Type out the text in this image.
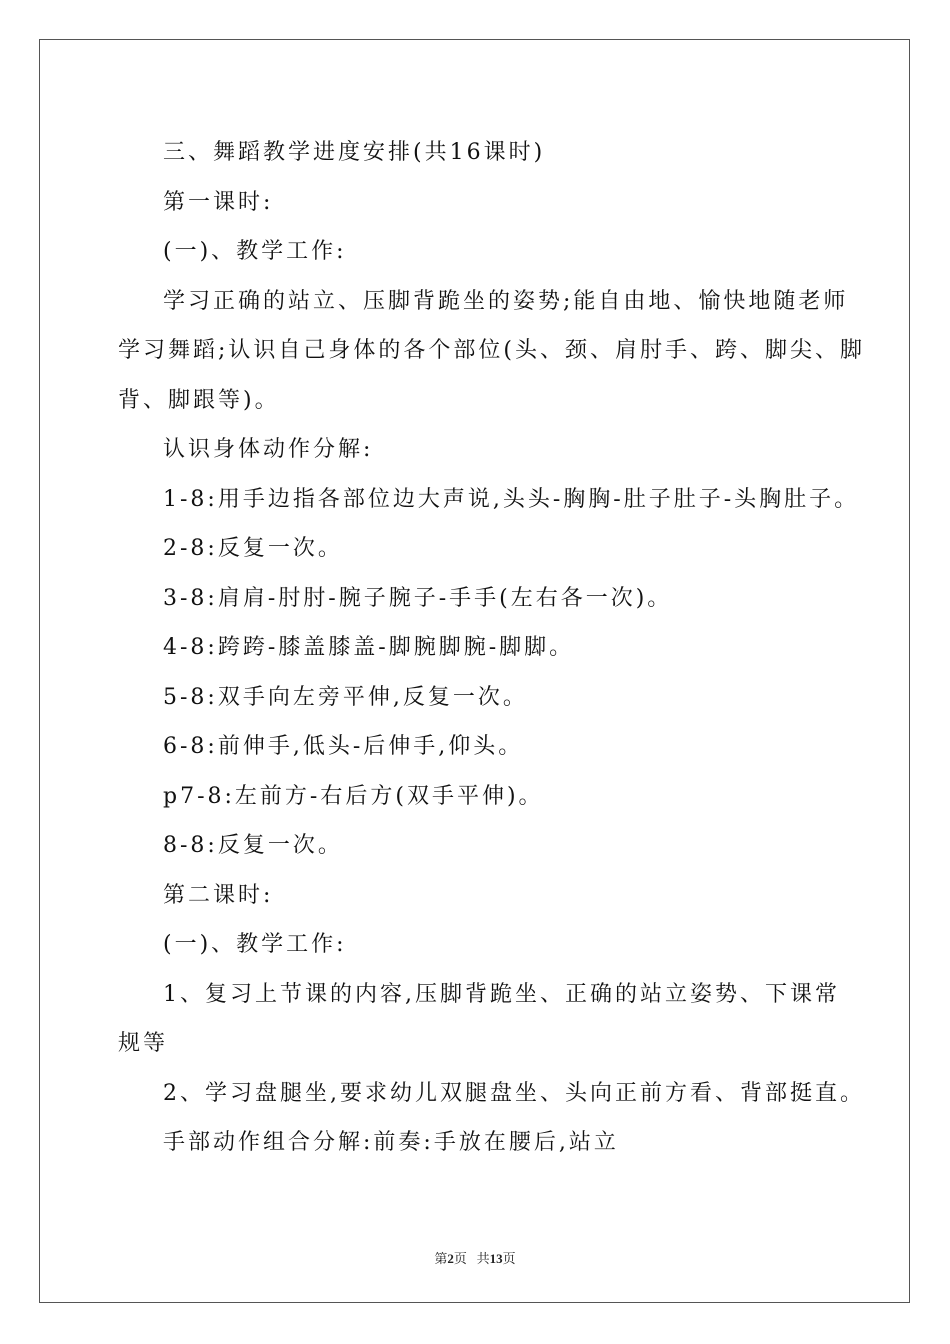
三、舞蹈教学进度安排(共16课时)
第一课时:
(一)、教学工作:
学习正确的站立、压脚背跪坐的姿势;能自由地、愉快地随老师
学习舞蹈;认识自己身体的各个部位(头、颈、肩肘手、跨、脚尖、脚
背、脚跟等)。
认识身体动作分解:
1-8:用手边指各部位边大声说,头头-胸胸-肚子肚子-头胸肚子。
2-8:反复一次。
3-8:肩肩-肘肘-腕子腕子-手手(左右各一次)。
4-8:跨跨-膝盖膝盖-脚腕脚腕-脚脚。
5-8:双手向左旁平伸,反复一次。
6-8:前伸手,低头-后伸手,仰头。
p7-8:左前方-右后方(双手平伸)。
8-8:反复一次。
第二课时:
(一)、教学工作:
1、复习上节课的内容,压脚背跪坐、正确的站立姿势、下课常
规等
2、学习盘腿坐,要求幼儿双腿盘坐、头向正前方看、背部挺直。
手部动作组合分解:前奏:手放在腰后,站立
第2页 共13页
